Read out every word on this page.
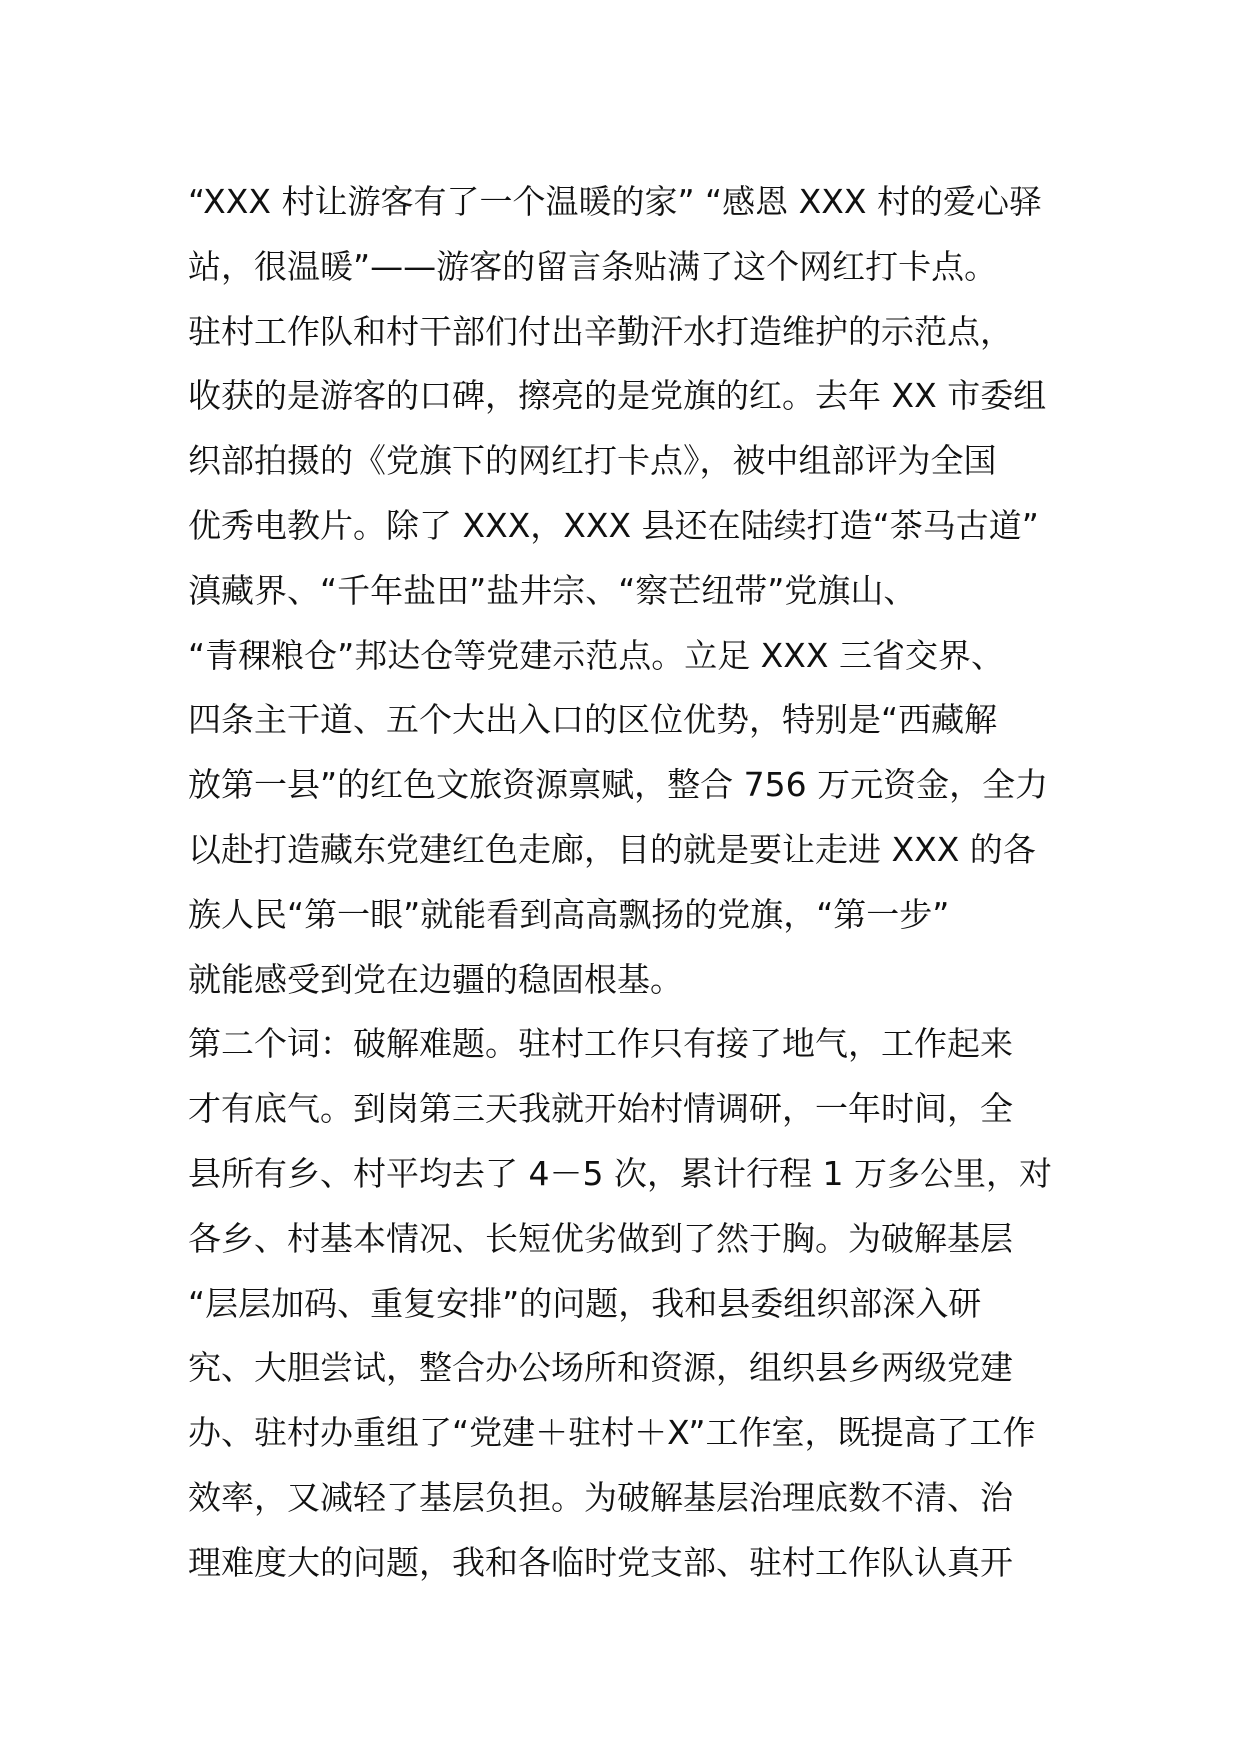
“XXX 村让游客有了一个温暖的家” “感恩 XXX 村的爱心驿
站，很温暖”——游客的留言条贴满了这个网红打卡点。
驻村工作队和村干部们付出辛勤汗水打造维护的示范点，
收获的是游客的口碑，擦亮的是党旗的红。去年 XX 市委组
织部拍摄的《党旗下的网红打卡点》，被中组部评为全国
优秀电教片。除了 XXX，XXX 县还在陆续打造“茶马古道”
滇藏界、“千年盐田”盐井宗、“察芒纽带”党旗山、
“青稞粮仓”邦达仓等党建示范点。立足 XXX 三省交界、
四条主干道、五个大出入口的区位优势，特别是“西藏解
放第一县”的红色文旅资源禀赋，整合 756 万元资金，全力
以赴打造藏东党建红色走廊，目的就是要让走进 XXX 的各
族人民“第一眼”就能看到高高飘扬的党旗，“第一步”
就能感受到党在边疆的稳固根基。
第二个词：破解难题。驻村工作只有接了地气，工作起来
才有底气。到岗第三天我就开始村情调研，一年时间，全
县所有乡、村平均去了 4－5 次，累计行程 1 万多公里，对
各乡、村基本情况、长短优劣做到了然于胸。为破解基层
“层层加码、重复安排”的问题，我和县委组织部深入研
究、大胆尝试，整合办公场所和资源，组织县乡两级党建
办、驻村办重组了“党建＋驻村＋X”工作室，既提高了工作
效率，又减轻了基层负担。为破解基层治理底数不清、治
理难度大的问题，我和各临时党支部、驻村工作队认真开
